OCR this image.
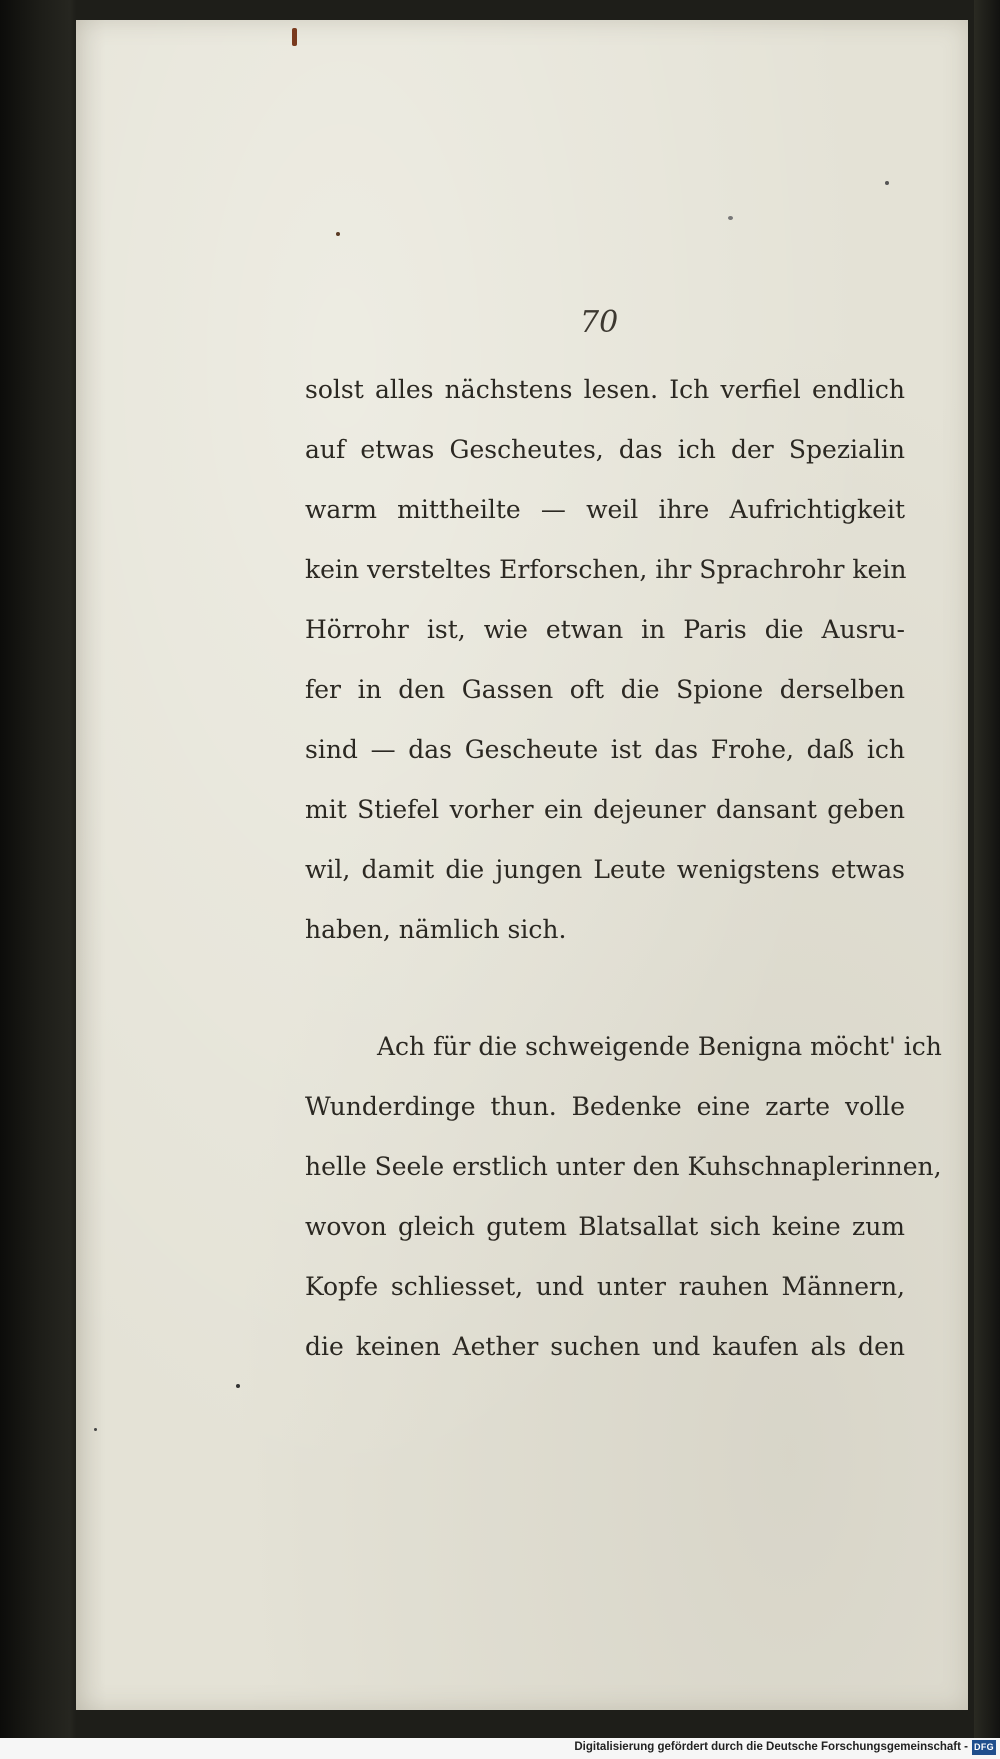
70
solst alles nächstens lesen. Ich verfiel endlich
auf etwas Gescheutes, das ich der Spezialin
warm mittheilte — weil ihre Aufrichtigkeit
kein versteltes Erforschen, ihr Sprachrohr kein
Hörrohr ist, wie etwan in Paris die Ausru-
fer in den Gassen oft die Spione derselben
sind — das Gescheute ist das Frohe, daß ich
mit Stiefel vorher ein dejeuner dansant geben
wil, damit die jungen Leute wenigstens etwas
haben, nämlich sich.
Ach für die schweigende Benigna möcht' ich
Wunderdinge thun. Bedenke eine zarte volle
helle Seele erstlich unter den Kuhschnaplerinnen,
wovon gleich gutem Blatsallat sich keine zum
Kopfe schliesset, und unter rauhen Männern,
die keinen Aether suchen und kaufen als den
Digitalisierung gefördert durch die Deutsche Forschungsgemeinschaft - DFG
